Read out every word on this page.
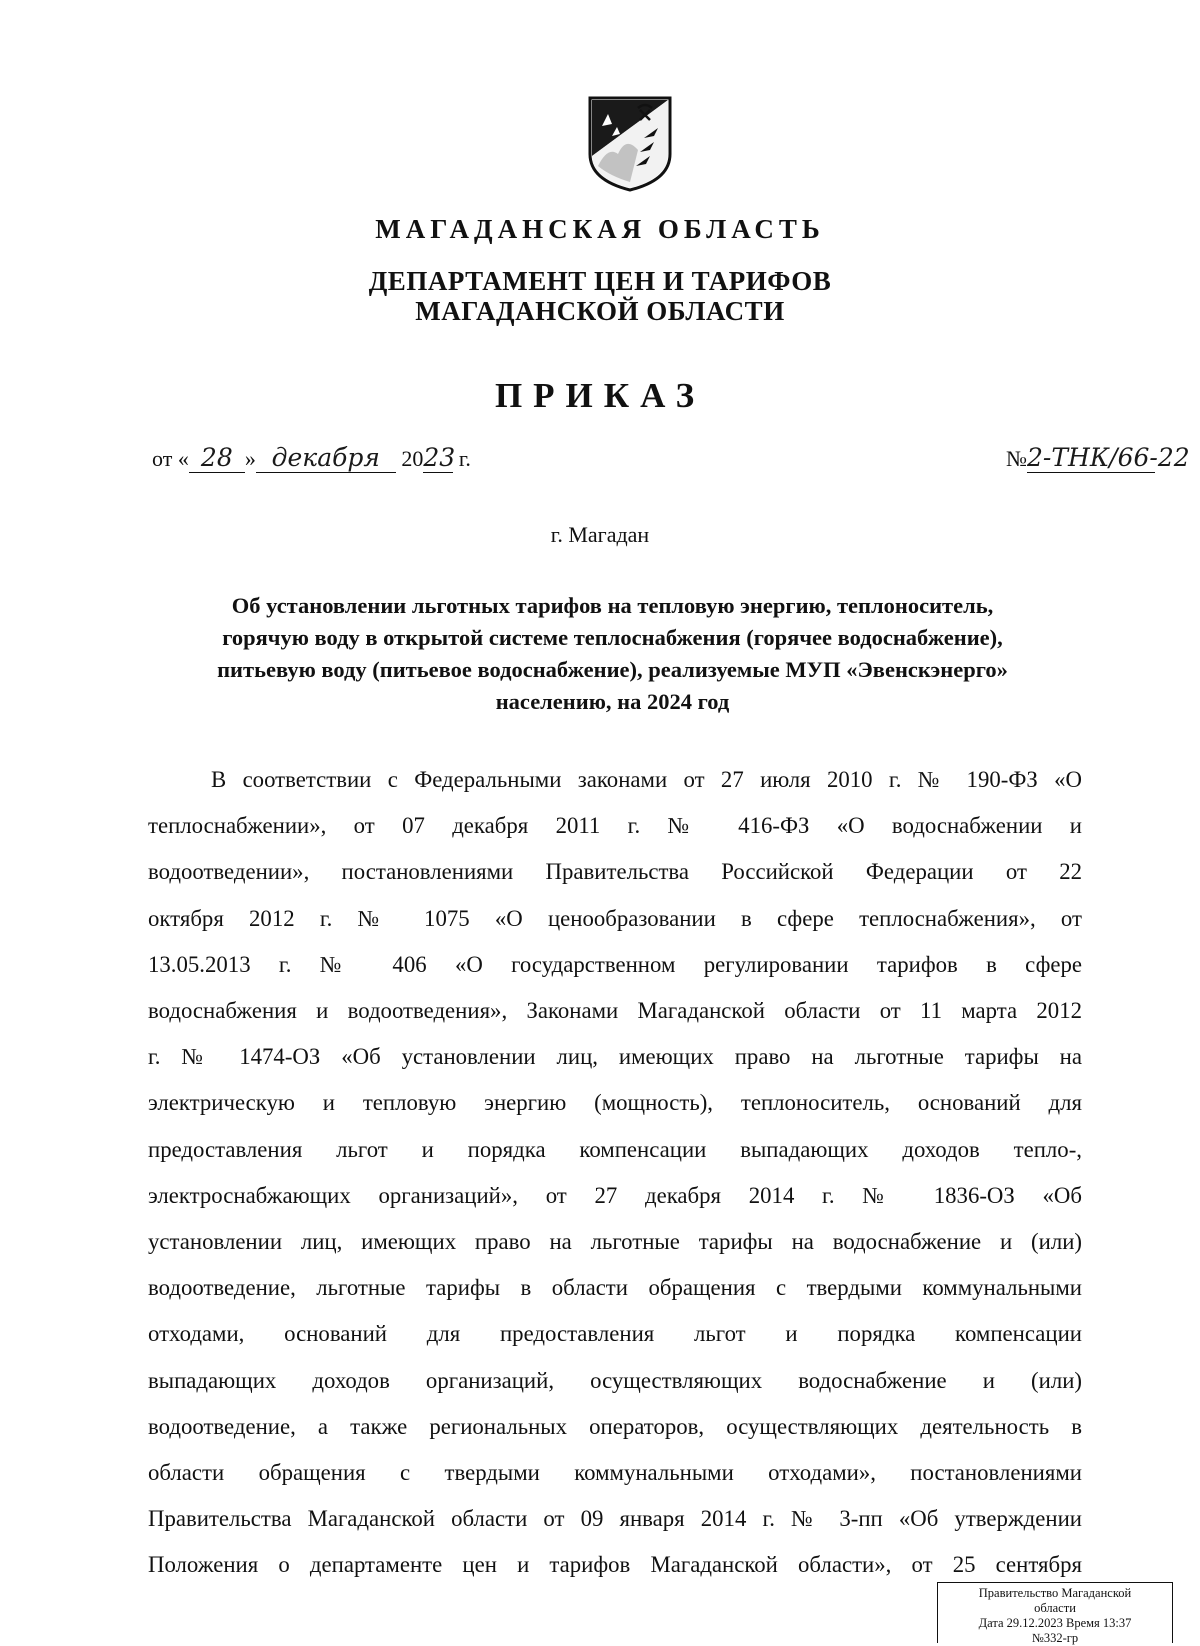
МАГАДАНСКАЯ ОБЛАСТЬ
ДЕПАРТАМЕНТ ЦЕН И ТАРИФОВ
МАГАДАНСКОЙ ОБЛАСТИ
ПРИКАЗ
от « 28 » декабря 2023 г.	№2-ТНК/66-22
г. Магадан
Об установлении льготных тарифов на тепловую энергию, теплоноситель,
горячую воду в открытой системе теплоснабжения (горячее водоснабжение),
питьевую воду (питьевое водоснабжение), реализуемые МУП «Эвенскэнерго»
населению, на 2024 год
В соответствии с Федеральными законами от 27 июля 2010 г. № 190-ФЗ «О
теплоснабжении», от 07 декабря 2011 г. № 416-ФЗ «О водоснабжении и
водоотведении», постановлениями Правительства Российской Федерации от 22
октября 2012 г. № 1075 «О ценообразовании в сфере теплоснабжения», от
13.05.2013 г. № 406 «О государственном регулировании тарифов в сфере
водоснабжения и водоотведения», Законами Магаданской области от 11 марта 2012
г. № 1474-ОЗ «Об установлении лиц, имеющих право на льготные тарифы на
электрическую и тепловую энергию (мощность), теплоноситель, оснований для
предоставления льгот и порядка компенсации выпадающих доходов тепло-,
электроснабжающих организаций», от 27 декабря 2014 г. № 1836-ОЗ «Об
установлении лиц, имеющих право на льготные тарифы на водоснабжение и (или)
водоотведение, льготные тарифы в области обращения с твердыми коммунальными
отходами, оснований для предоставления льгот и порядка компенсации
выпадающих доходов организаций, осуществляющих водоснабжение и (или)
водоотведение, а также региональных операторов, осуществляющих деятельность в
области обращения с твердыми коммунальными отходами», постановлениями
Правительства Магаданской области от 09 января 2014 г. № 3-пп «Об утверждении
Положения о департаменте цен и тарифов Магаданской области», от 25 сентября
Правительство Магаданской
области
Дата 29.12.2023 Время 13:37
№332-гр
